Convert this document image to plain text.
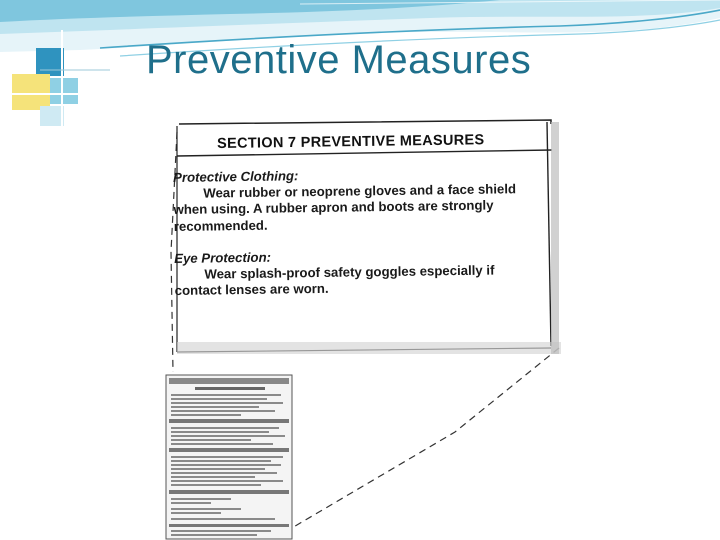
Preventive Measures
SECTION 7 PREVENTIVE MEASURES
Protective Clothing:
Wear rubber or neoprene gloves and a face shield when using. A rubber apron and boots are strongly recommended.
Eye Protection:
Wear splash-proof safety goggles especially if contact lenses are worn.
